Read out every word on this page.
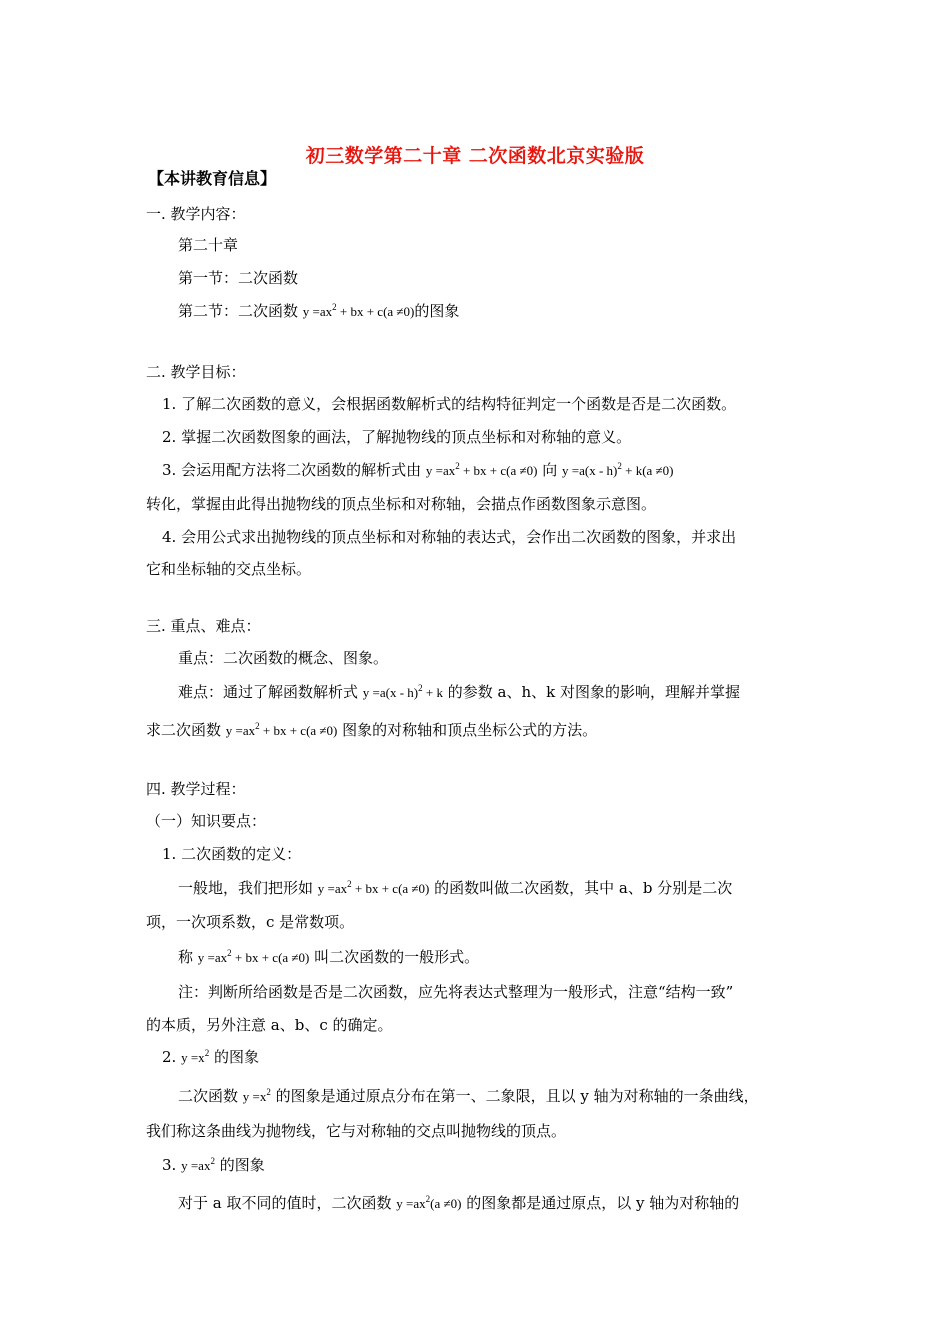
初三数学第二十章 二次函数北京实验版
【本讲教育信息】
一. 教学内容：
第二十章
第一节：二次函数
第二节：二次函数 $y =ax^2$ + bx + c(a ≠0)的图象
二. 教学目标：
1. 了解二次函数的意义，会根据函数解析式的结构特征判定一个函数是否是二次函数。
2. 掌握二次函数图象的画法，了解抛物线的顶点坐标和对称轴的意义。
3. 会运用配方法将二次函数的解析式由 $y =ax^2$ + bx + c(a ≠0) 向 y =a(x - h)$^2$ + k(a ≠0)
转化，掌握由此得出抛物线的顶点坐标和对称轴，会描点作函数图象示意图。
4. 会用公式求出抛物线的顶点坐标和对称轴的表达式，会作出二次函数的图象，并求出
它和坐标轴的交点坐标。
三. 重点、难点：
重点：二次函数的概念、图象。
难点：通过了解函数解析式 y =a(x - h)$^2$ + k 的参数 a、h、k 对图象的影响，理解并掌握
求二次函数 $y =ax^2$ + bx + c(a ≠0) 图象的对称轴和顶点坐标公式的方法。
四. 教学过程：
（一）知识要点：
1. 二次函数的定义：
一般地，我们把形如 $y =ax^2$ + bx + c(a ≠0) 的函数叫做二次函数，其中 a、b 分别是二次
项，一次项系数，c 是常数项。
称 $y =ax^2$ + bx + c(a ≠0) 叫二次函数的一般形式。
注：判断所给函数是否是二次函数，应先将表达式整理为一般形式，注意“结构一致”
的本质，另外注意 a、b、c 的确定。
2. $y =x^2$ 的图象
二次函数 $y =x^2$ 的图象是通过原点分布在第一、二象限，且以 y 轴为对称轴的一条曲线，
我们称这条曲线为抛物线，它与对称轴的交点叫抛物线的顶点。
3. $y =ax^2$ 的图象
对于 a 取不同的值时，二次函数 $y =ax^2(a \ne 0)$ 的图象都是通过原点，以 y 轴为对称轴的
